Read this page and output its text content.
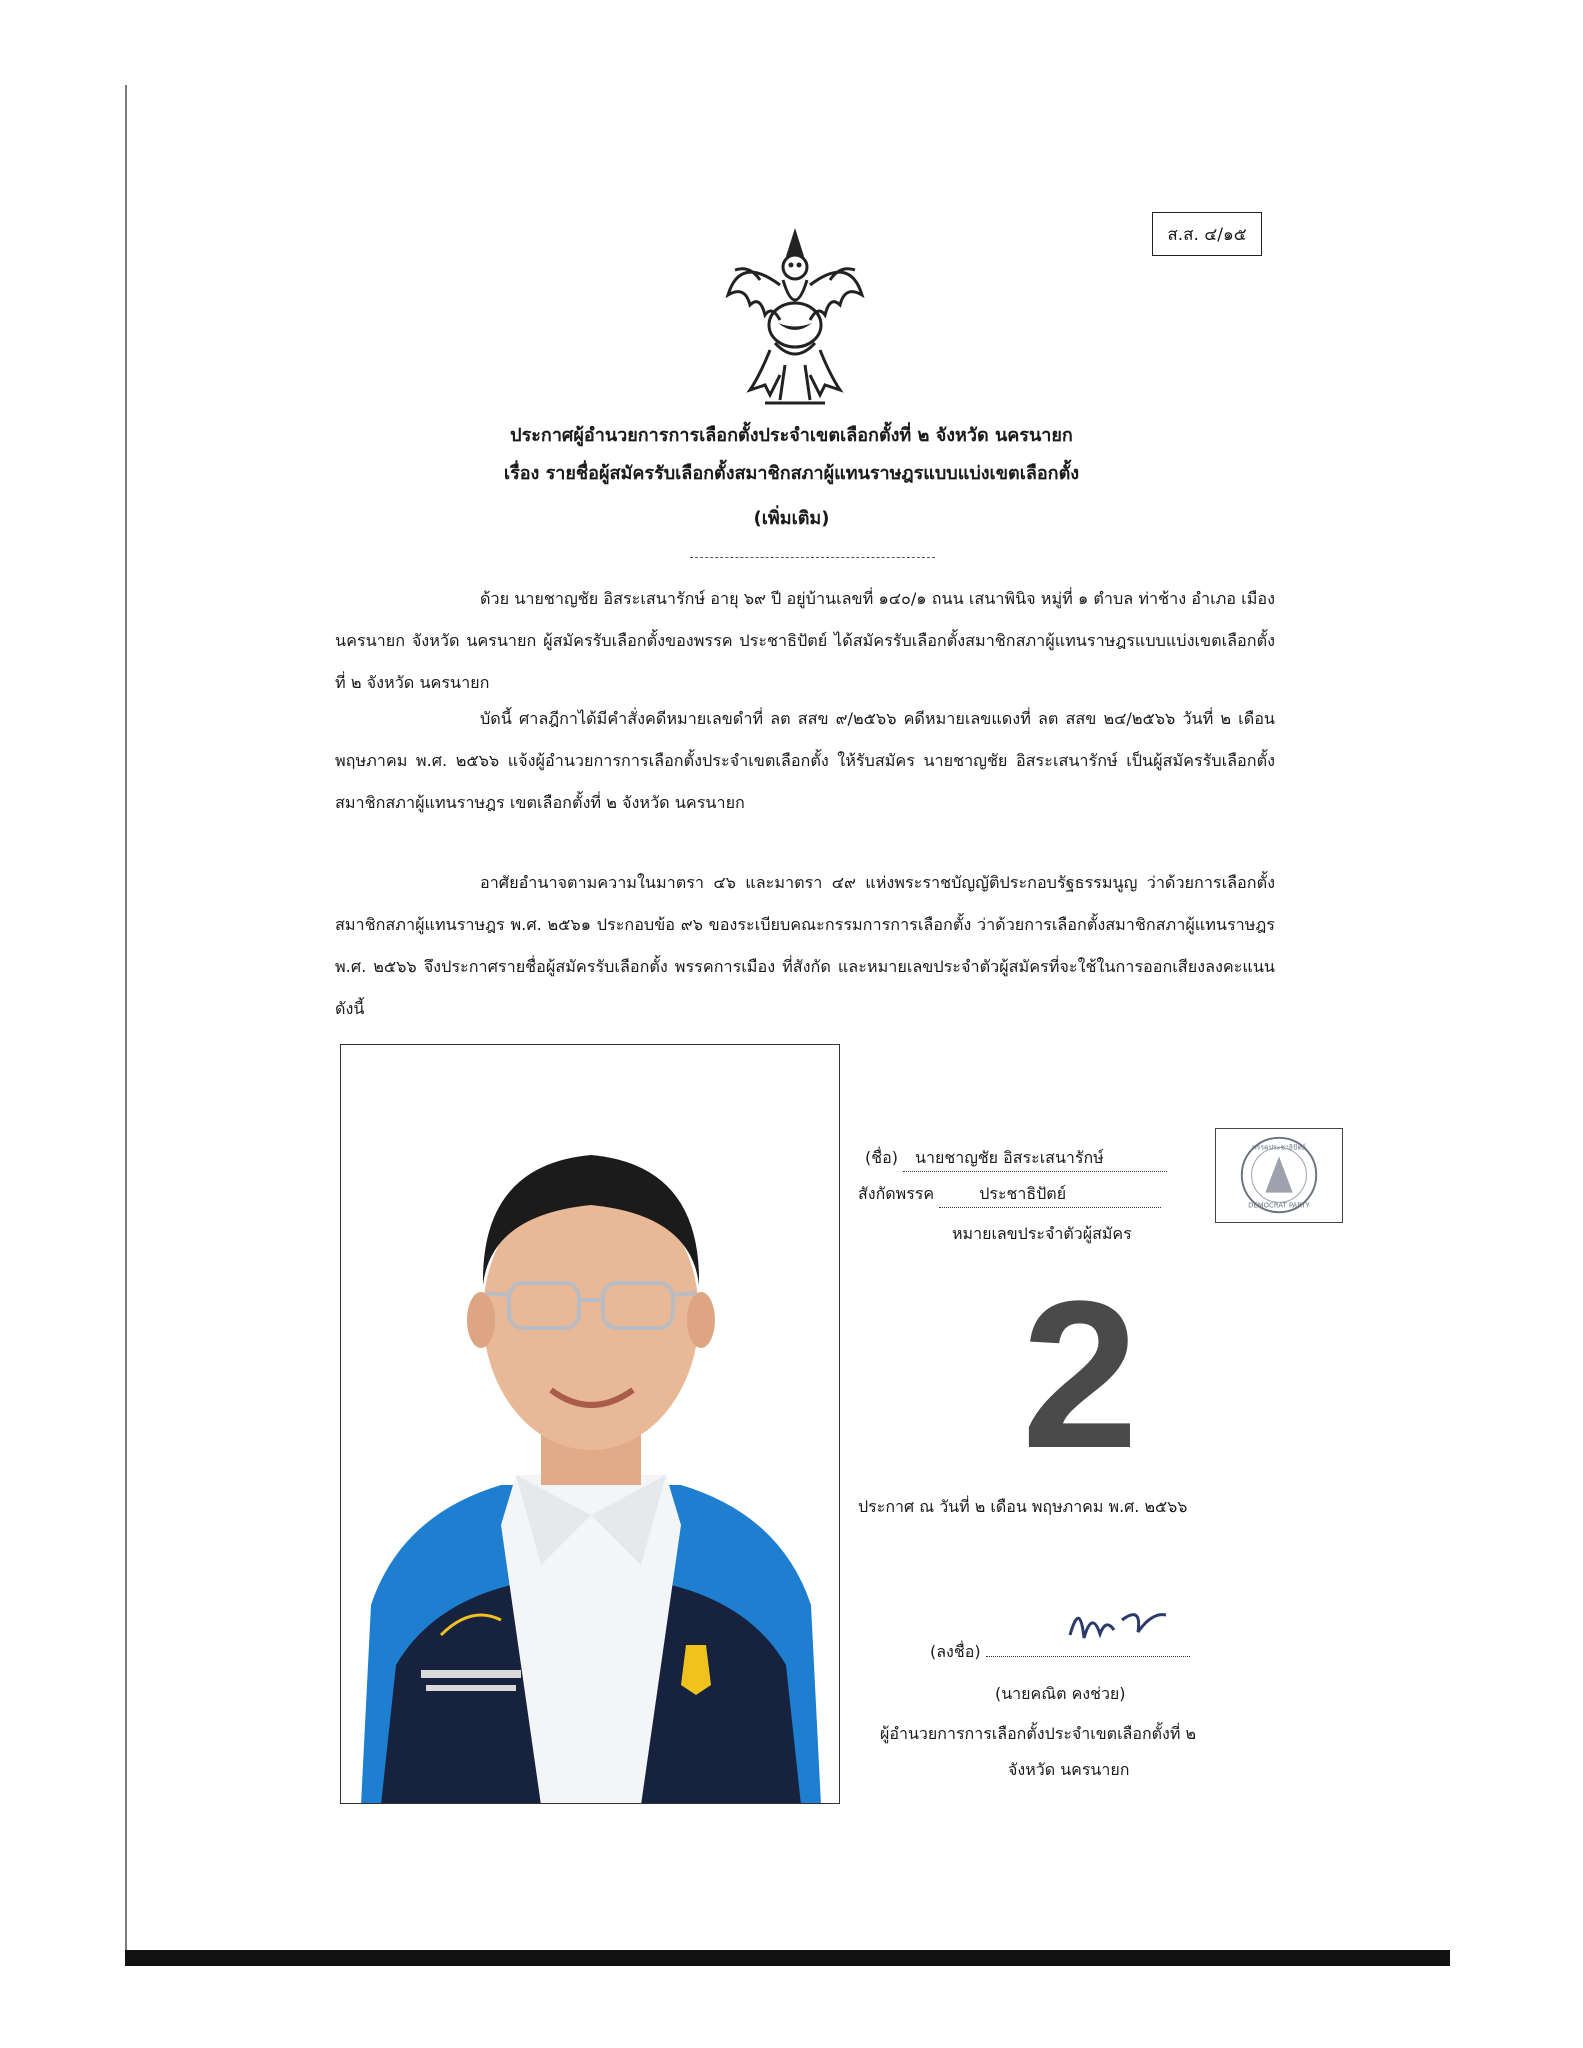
ส.ส. ๔/๑๕
ประกาศผู้อำนวยการการเลือกตั้งประจำเขตเลือกตั้งที่ ๒ จังหวัด นครนายก
เรื่อง รายชื่อผู้สมัครรับเลือกตั้งสมาชิกสภาผู้แทนราษฎรแบบแบ่งเขตเลือกตั้ง
(เพิ่มเติม)
ด้วย นายชาญชัย อิสระเสนารักษ์ อายุ ๖๙ ปี อยู่บ้านเลขที่ ๑๔๐/๑ ถนน เสนาพินิจ หมู่ที่ ๑ ตำบล ท่าช้าง อำเภอ เมืองนครนายก จังหวัด นครนายก ผู้สมัครรับเลือกตั้งของพรรค ประชาธิปัตย์ ได้สมัครรับเลือกตั้งสมาชิกสภาผู้แทนราษฎรแบบแบ่งเขตเลือกตั้งที่ ๒ จังหวัด นครนายก
บัดนี้ ศาลฎีกาได้มีคำสั่งคดีหมายเลขดำที่ ลต สสข ๙/๒๕๖๖ คดีหมายเลขแดงที่ ลต สสข ๒๔/๒๕๖๖ วันที่ ๒ เดือน พฤษภาคม พ.ศ. ๒๕๖๖ แจ้งผู้อำนวยการการเลือกตั้งประจำเขตเลือกตั้ง ให้รับสมัคร นายชาญชัย อิสระเสนารักษ์ เป็นผู้สมัครรับเลือกตั้งสมาชิกสภาผู้แทนราษฎร เขตเลือกตั้งที่ ๒ จังหวัด นครนายก
อาศัยอำนาจตามความในมาตรา ๔๖ และมาตรา ๔๙ แห่งพระราชบัญญัติประกอบรัฐธรรมนูญ ว่าด้วยการเลือกตั้งสมาชิกสภาผู้แทนราษฎร พ.ศ. ๒๕๖๑ ประกอบข้อ ๙๖ ของระเบียบคณะกรรมการการเลือกตั้ง ว่าด้วยการเลือกตั้งสมาชิกสภาผู้แทนราษฎร พ.ศ. ๒๕๖๖ จึงประกาศรายชื่อผู้สมัครรับเลือกตั้ง พรรคการเมือง ที่สังกัด และหมายเลขประจำตัวผู้สมัครที่จะใช้ในการออกเสียงลงคะแนน ดังนี้
(ชื่อ) นายชาญชัย อิสระเสนารักษ์
สังกัดพรรค	ประชาธิปัตย์
หมายเลขประจำตัวผู้สมัคร
2
พรรคประชาธิปัตย์
DEMOCRAT PARTY
ประกาศ ณ วันที่ ๒ เดือน พฤษภาคม พ.ศ. ๒๕๖๖
(ลงชื่อ)
(นายคณิต คงช่วย)
ผู้อำนวยการการเลือกตั้งประจำเขตเลือกตั้งที่ ๒
จังหวัด นครนายก
